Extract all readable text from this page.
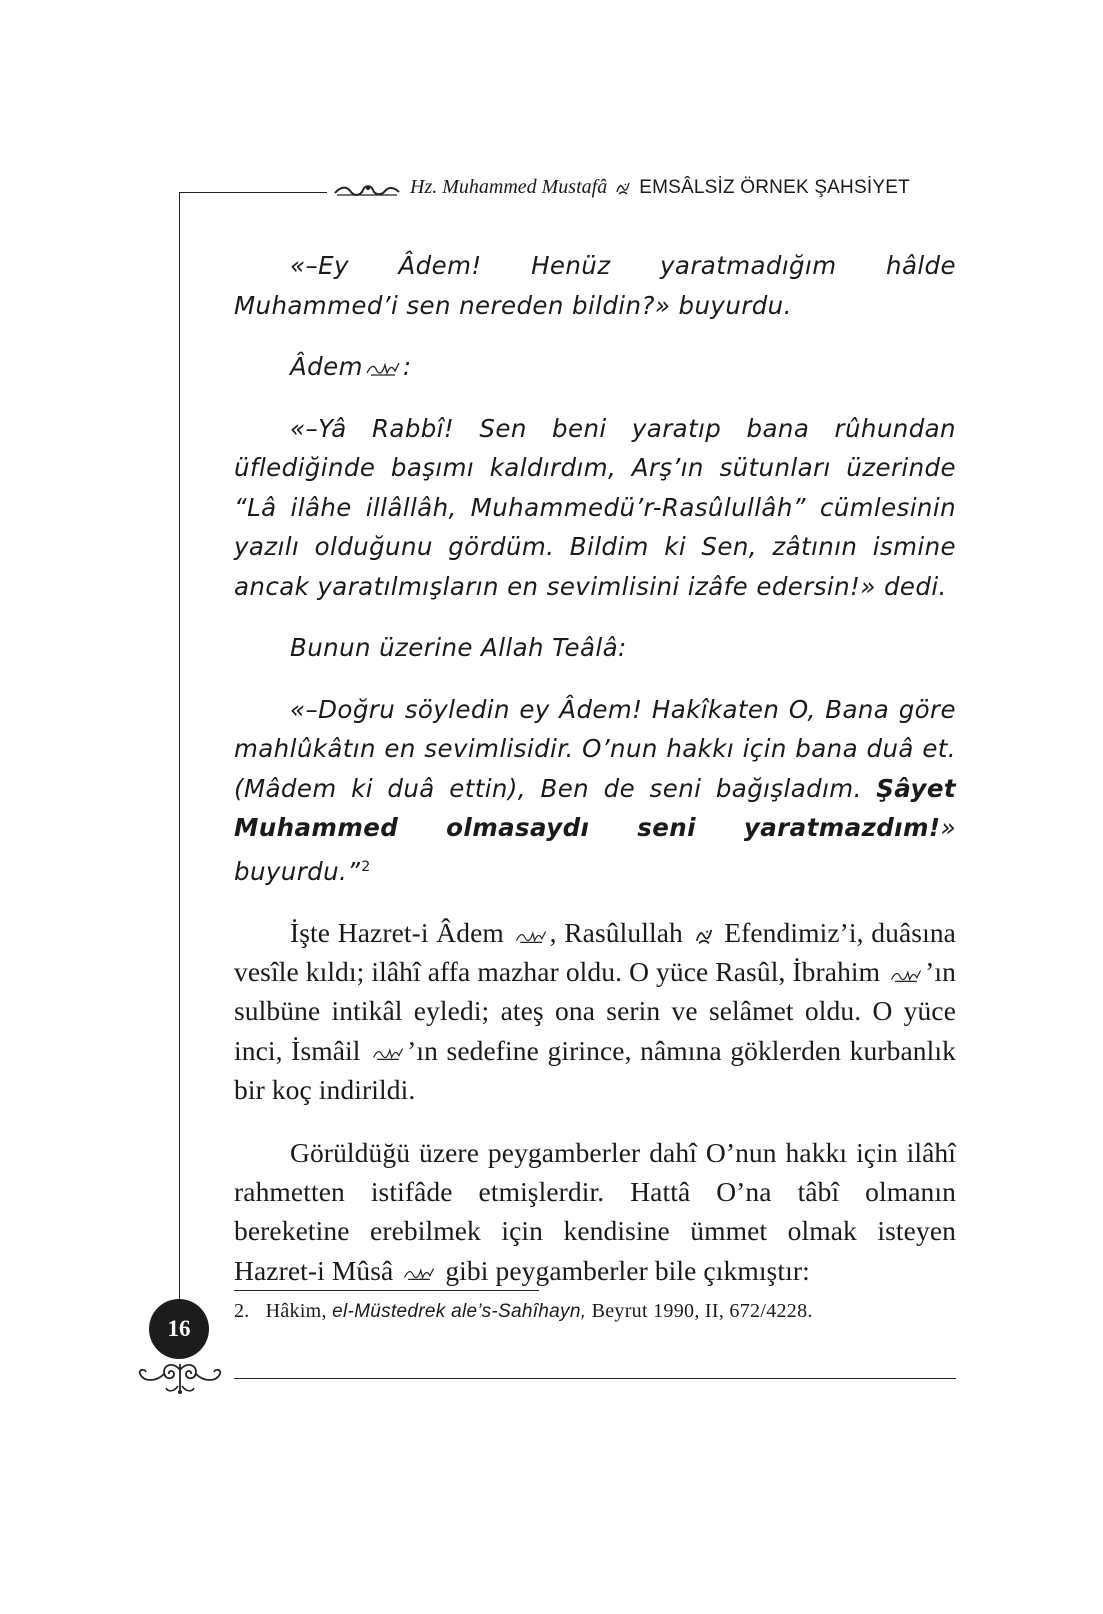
Hz. Muhammed Mustafâ EMSÂLSİZ ÖRNEK ŞAHSİYET

«–Ey Âdem! Henüz yaratmadığım hâlde Muhammed’i sen nereden bildin?» buyurdu.

Âdem :

«–Yâ Rabbî! Sen beni yaratıp bana rûhundan üflediğinde başımı kaldırdım, Arş’ın sütunları üzerinde “Lâ ilâhe illâllâh, Muhammedü’r-Rasûlullâh” cümlesinin yazılı olduğunu gördüm. Bildim ki Sen, zâtının ismine ancak yaratılmışların en sevimlisini izâfe edersin!» dedi.

Bunun üzerine Allah Teâlâ:

«–Doğru söyledin ey Âdem! Hakîkaten O, Bana göre mahlûkâtın en sevimlisidir. O’nun hakkı için bana duâ et. (Mâdem ki duâ ettin), Ben de seni bağışladım. Şâyet Muhammed olmasaydı seni yaratmazdım!» buyurdu.”$^2$

İşte Hazret-i Âdem , Rasûlullah  Efendimiz’i, duâsına vesîle kıldı; ilâhî affa mazhar oldu. O yüce Rasûl, İbrahim ’ın sulbüne intikâl eyledi; ateş ona serin ve selâmet oldu. O yüce inci, İsmâil ’ın sedefine girince, nâmına göklerden kurbanlık bir koç indirildi.

Görüldüğü üzere peygamberler dahî O’nun hakkı için ilâhî rahmetten istifâde etmişlerdir. Hattâ O’na tâbî olmanın bereketine erebilmek için kendisine ümmet olmak isteyen Hazret-i Mûsâ  gibi peygamberler bile çıkmıştır:

2. Hâkim, el-Müstedrek ale’s-Sahîhayn, Beyrut 1990, II, 672/4228.
16
